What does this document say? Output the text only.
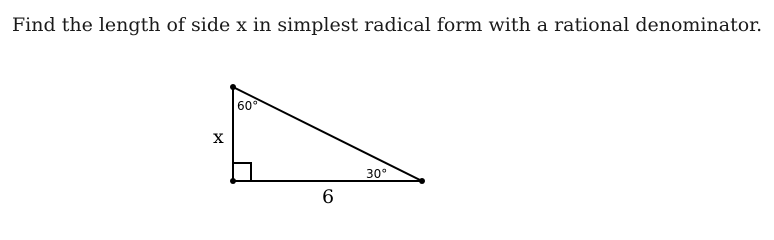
Find the length of side x in simplest radical form with a rational denominator.
60°
30°
x
6
